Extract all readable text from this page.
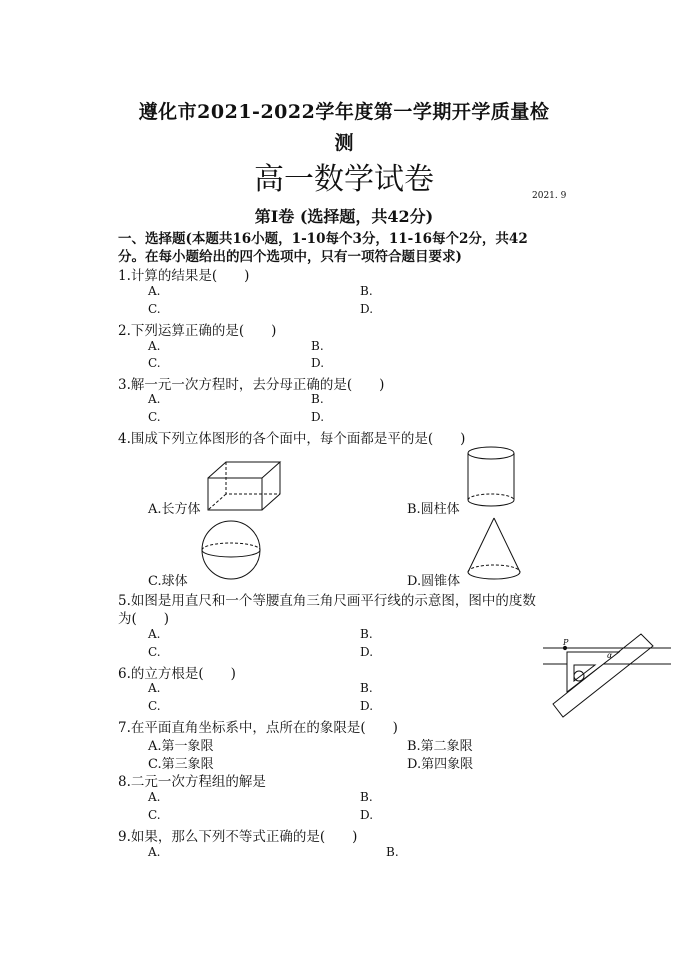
遵化市2021-2022学年度第一学期开学质量检
测
高一数学试卷	2021. 9
第Ⅰ卷 (选择题，共42分)
一、选择题(本题共16小题，1-10每个3分，11-16每个2分，共42
分。在每小题给出的四个选项中，只有一项符合题目要求)
1.计算的结果是(　　)
A.	B.
C.	D.
2.下列运算正确的是(　　)
A.	B.
C.	D.
3.解一元一次方程时，去分母正确的是(　　)
A.	B.
C.	D.
4.围成下列立体图形的各个面中，每个面都是平的是(　　)
A.长方体	B.圆柱体
C.球体	D.圆锥体
5.如图是用直尺和一个等腰直角三角尺画平行线的示意图，图中的度数
为(　　)
A.	B.
C.	D.
P
α
6.的立方根是(　　)
A.	B.
C.	D.
7.在平面直角坐标系中，点所在的象限是(　　)
A.第一象限	B.第二象限
C.第三象限	D.第四象限
8.二元一次方程组的解是
A.	B.
C.	D.
9.如果，那么下列不等式正确的是(　　)
A.	B.
